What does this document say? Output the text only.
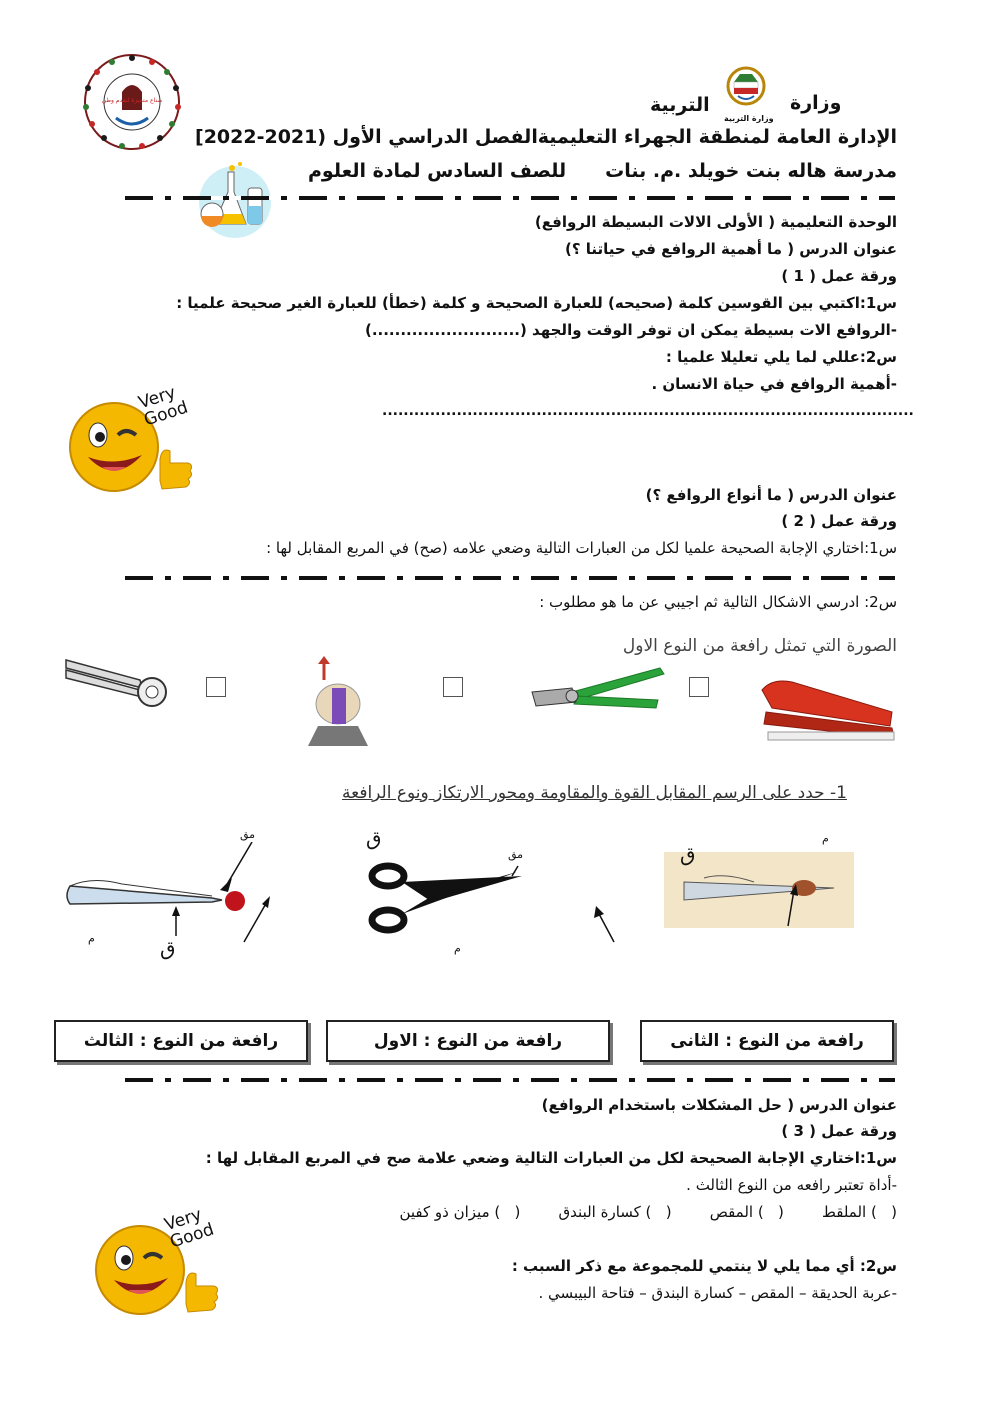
صناع متميزة لتقدم وطن
وزارة التربية
وزارة
التربية
الإدارة العامة لمنطقة الجهراء التعليمية
الفصل الدراسي الأول (2021-2022]
مدرسة هاله بنت خويلد .م. بنات
للصف السادس لمادة العلوم
الوحدة التعليمية ( الأولى الالات البسيطة الروافع)
عنوان الدرس ( ما أهمية الروافع في حياتنا ؟)
ورقة عمل ( 1 )
س1:اكتبي بين القوسين كلمة (صحيحه) للعبارة الصحيحة و كلمة (خطأ) للعبارة الغير صحيحة علميا :
-الروافع الات بسيطة يمكن ان توفر الوقت والجهد (..........................)
س2:عللي لما يلي تعليلا علميا :
-أهمية الروافع في حياة الانسان .
....................................................................................................
Very Good
عنوان الدرس ( ما أنواع الروافع ؟)
ورقة عمل ( 2 )
س1:اختاري الإجابة الصحيحة علميا لكل من العبارات التالية وضعي علامه (صح) في المربع المقابل لها :
س2: ادرسي الاشكال التالية ثم اجيبي عن ما هو مطلوب :
الصورة التي تمثل رافعة من النوع الاول
1- حدد على الرسم المقابل القوة والمقاومة ومحور الارتكاز ونوع الرافعة
مق
ق
م
ق
مق
م
ق
م
رافعة من النوع : الثانى
رافعة من النوع : الاول
رافعة من النوع : الثالث
عنوان الدرس ( حل المشكلات باستخدام الروافع)
ورقة عمل ( 3 )
س1:اختاري الإجابة الصحيحة لكل من العبارات التالية وضعي علامة صح في المربع المقابل لها :
-أداة تعتبر رافعه من النوع الثالث .
(   ) الملقط        (   ) المقص        (   ) كسارة البندق        (   ) ميزان ذو كفين
Very Good
س2: أي مما يلي لا ينتمي للمجموعة مع ذكر السبب :
-عربة الحديقة – المقص – كسارة البندق – فتاحة البيبسي .
